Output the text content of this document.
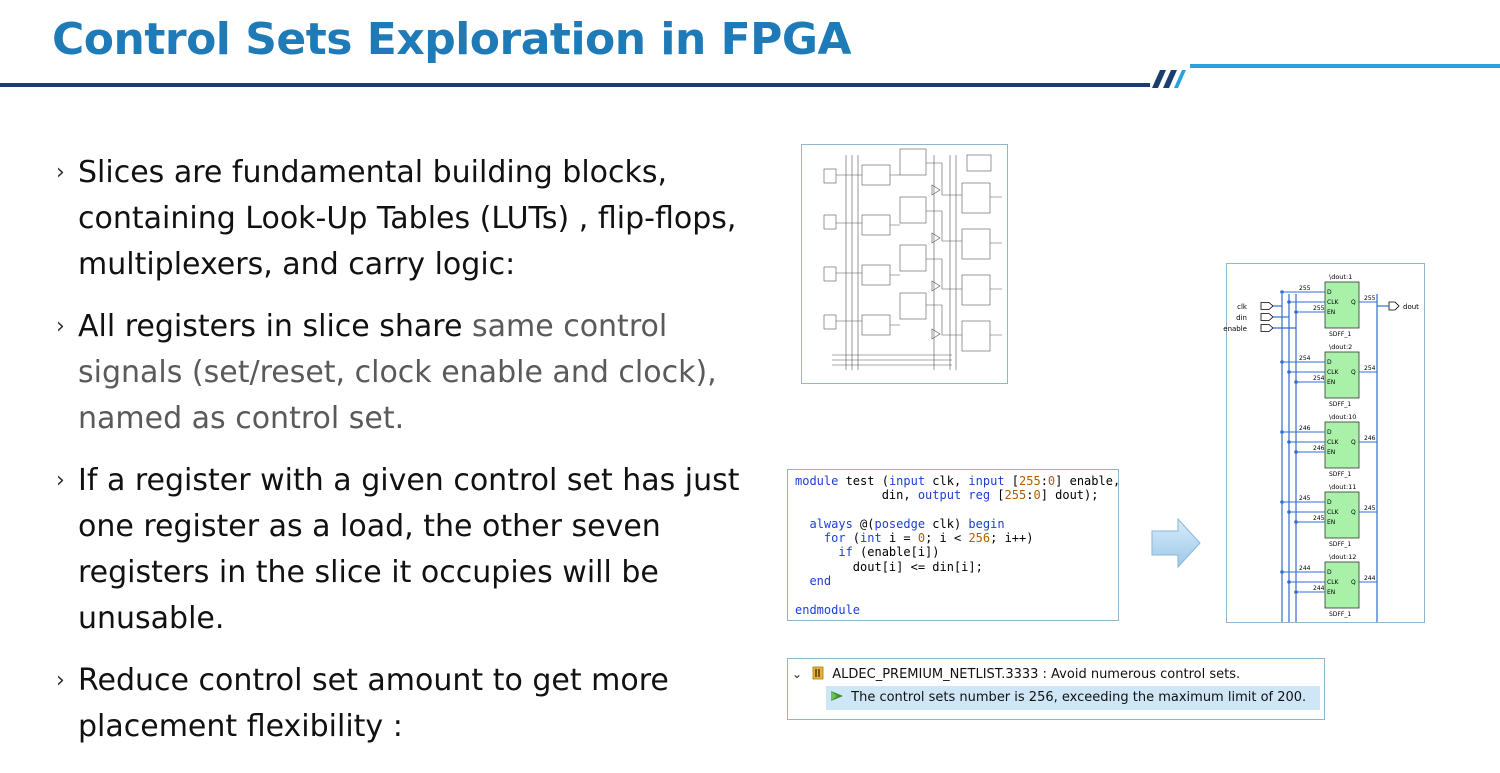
Control Sets Exploration in FPGA
› Slices are fundamental building blocks, containing Look-Up Tables (LUTs) , flip-flops, multiplexers, and carry logic:
› All registers in slice share same control signals (set/reset, clock enable and clock), named as control set.
› If a register with a given control set has just one register as a load, the other seven registers in the slice it occupies will be unusable.
› Reduce control set amount to get more placement flexibility :
module test (input clk, input [255:0] enable,
din, output reg [255:0] dout);

always @(posedge clk) begin
for (int i = 0; i < 256; i++)
if (enable[i])
dout[i] <= din[i];
end

endmodule
clk
din
enable
dout
\dout:1
D
CLK
EN
Q
SDFF_1
255
255
255
\dout:2
D
CLK
EN
Q
SDFF_1
254
254
254
\dout:10
D
CLK
EN
Q
SDFF_1
246
246
246
\dout:11
D
CLK
EN
Q
SDFF_1
245
245
245
\dout:12
D
CLK
EN
Q
SDFF_1
244
244
244
⌄ ALDEC_PREMIUM_NETLIST.3333 : Avoid numerous control sets.
The control sets number is 256, exceeding the maximum limit of 200.
